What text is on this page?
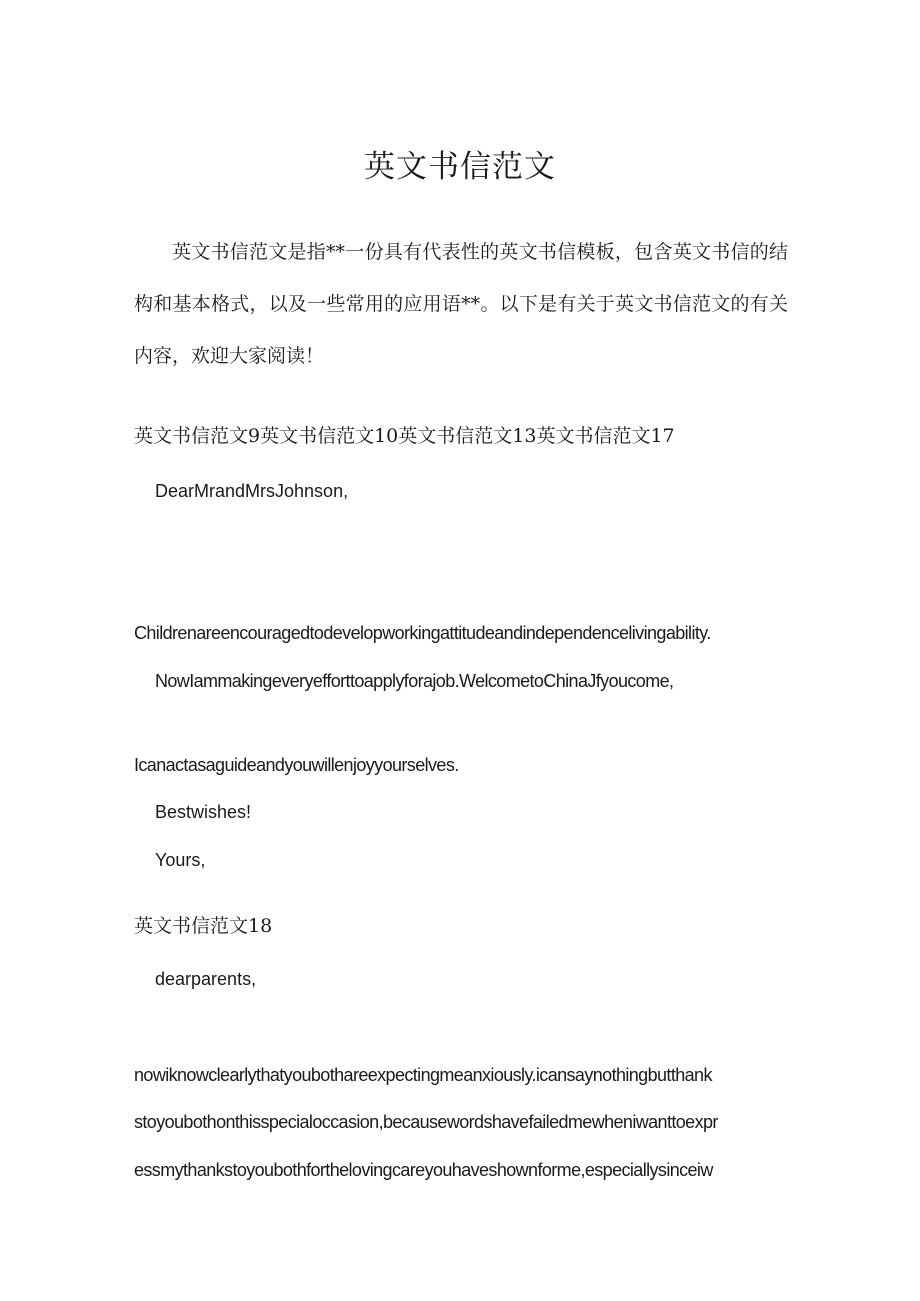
英文书信范文

英文书信范文是指**一份具有代表性的英文书信模板，包含英文书信的结构和基本格式，以及一些常用的应用语**。以下是有关于英文书信范文的有关内容，欢迎大家阅读！

英文书信范文9英文书信范文10英文书信范文13英文书信范文17

DearMrandMrsJohnson,

Childrenareencouragedtodevelopworkingattitudeandindependencelivingability.

NowIammakingeveryefforttoapplyforajob.WelcometoChinaJfyoucome,

Icanactasaguideandyouwillenjoyyourselves.

Bestwishes!

Yours,

英文书信范文18

dearparents,

nowiknowclearlythatyoubothareexpectingmeanxiously.icansaynothingbutthank

stoyoubothonthisspecialoccasion,becausewordshavefailedmewheniwanttoexpr

essmythankstoyoubothforthelovingcareyouhaveshownforme,especiallysinceiw
